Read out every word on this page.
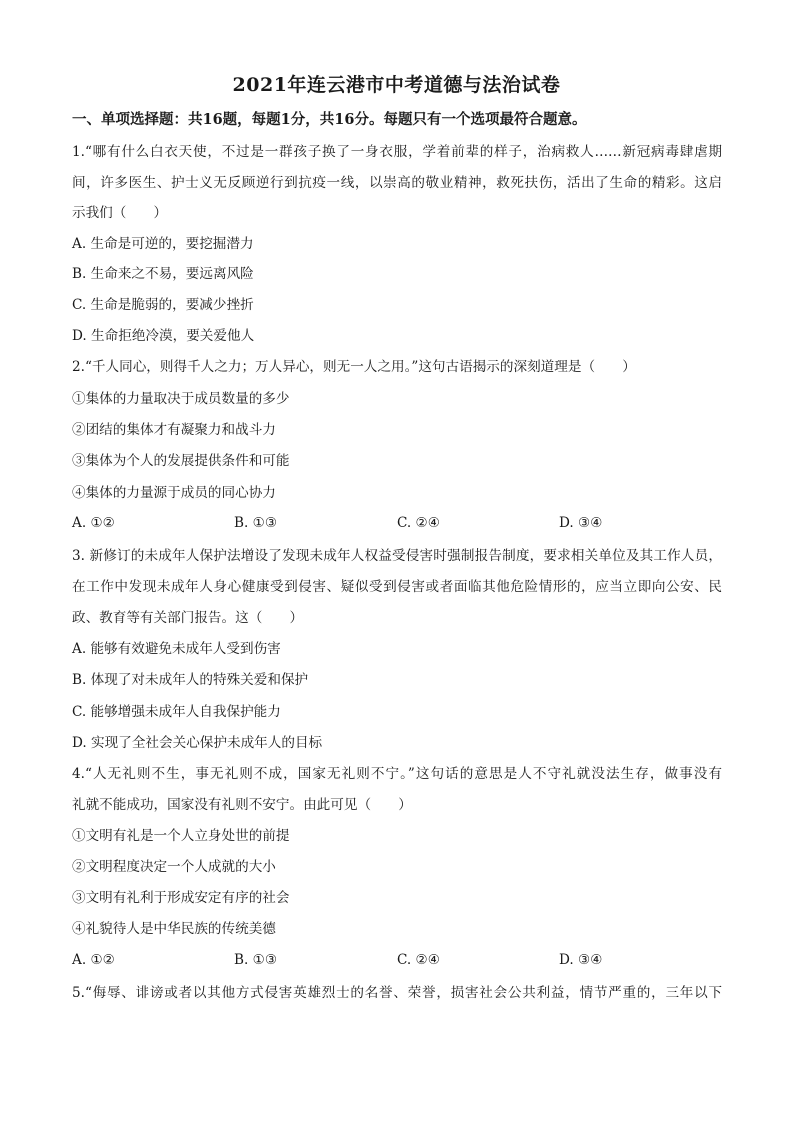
2021年连云港市中考道德与法治试卷
一、单项选择题：共16题，每题1分，共16分。每题只有一个选项最符合题意。
1.“哪有什么白衣天使，不过是一群孩子换了一身衣服，学着前辈的样子，治病救人……新冠病毒肆虐期
间，许多医生、护士义无反顾逆行到抗疫一线，以崇高的敬业精神，救死扶伤，活出了生命的精彩。这启
示我们（　　）
A. 生命是可逆的，要挖掘潜力
B. 生命来之不易，要远离风险
C. 生命是脆弱的，要减少挫折
D. 生命拒绝冷漠，要关爱他人
2.“千人同心，则得千人之力；万人异心，则无一人之用。”这句古语揭示的深刻道理是（　　）
①集体的力量取决于成员数量的多少
②团结的集体才有凝聚力和战斗力
③集体为个人的发展提供条件和可能
④集体的力量源于成员的同心协力
A. ①②	B. ①③	C. ②④	D. ③④
3. 新修订的未成年人保护法增设了发现未成年人权益受侵害时强制报告制度，要求相关单位及其工作人员，
在工作中发现未成年人身心健康受到侵害、疑似受到侵害或者面临其他危险情形的，应当立即向公安、民
政、教育等有关部门报告。这（　　）
A. 能够有效避免未成年人受到伤害
B. 体现了对未成年人的特殊关爱和保护
C. 能够增强未成年人自我保护能力
D. 实现了全社会关心保护未成年人的目标
4.“人无礼则不生，事无礼则不成，国家无礼则不宁。”这句话的意思是人不守礼就没法生存，做事没有
礼就不能成功，国家没有礼则不安宁。由此可见（　　）
①文明有礼是一个人立身处世的前提
②文明程度决定一个人成就的大小
③文明有礼利于形成安定有序的社会
④礼貌待人是中华民族的传统美德
A. ①②	B. ①③	C. ②④	D. ③④
5.“侮辱、诽谤或者以其他方式侵害英雄烈士的名誉、荣誉，损害社会公共利益，情节严重的，三年以下
